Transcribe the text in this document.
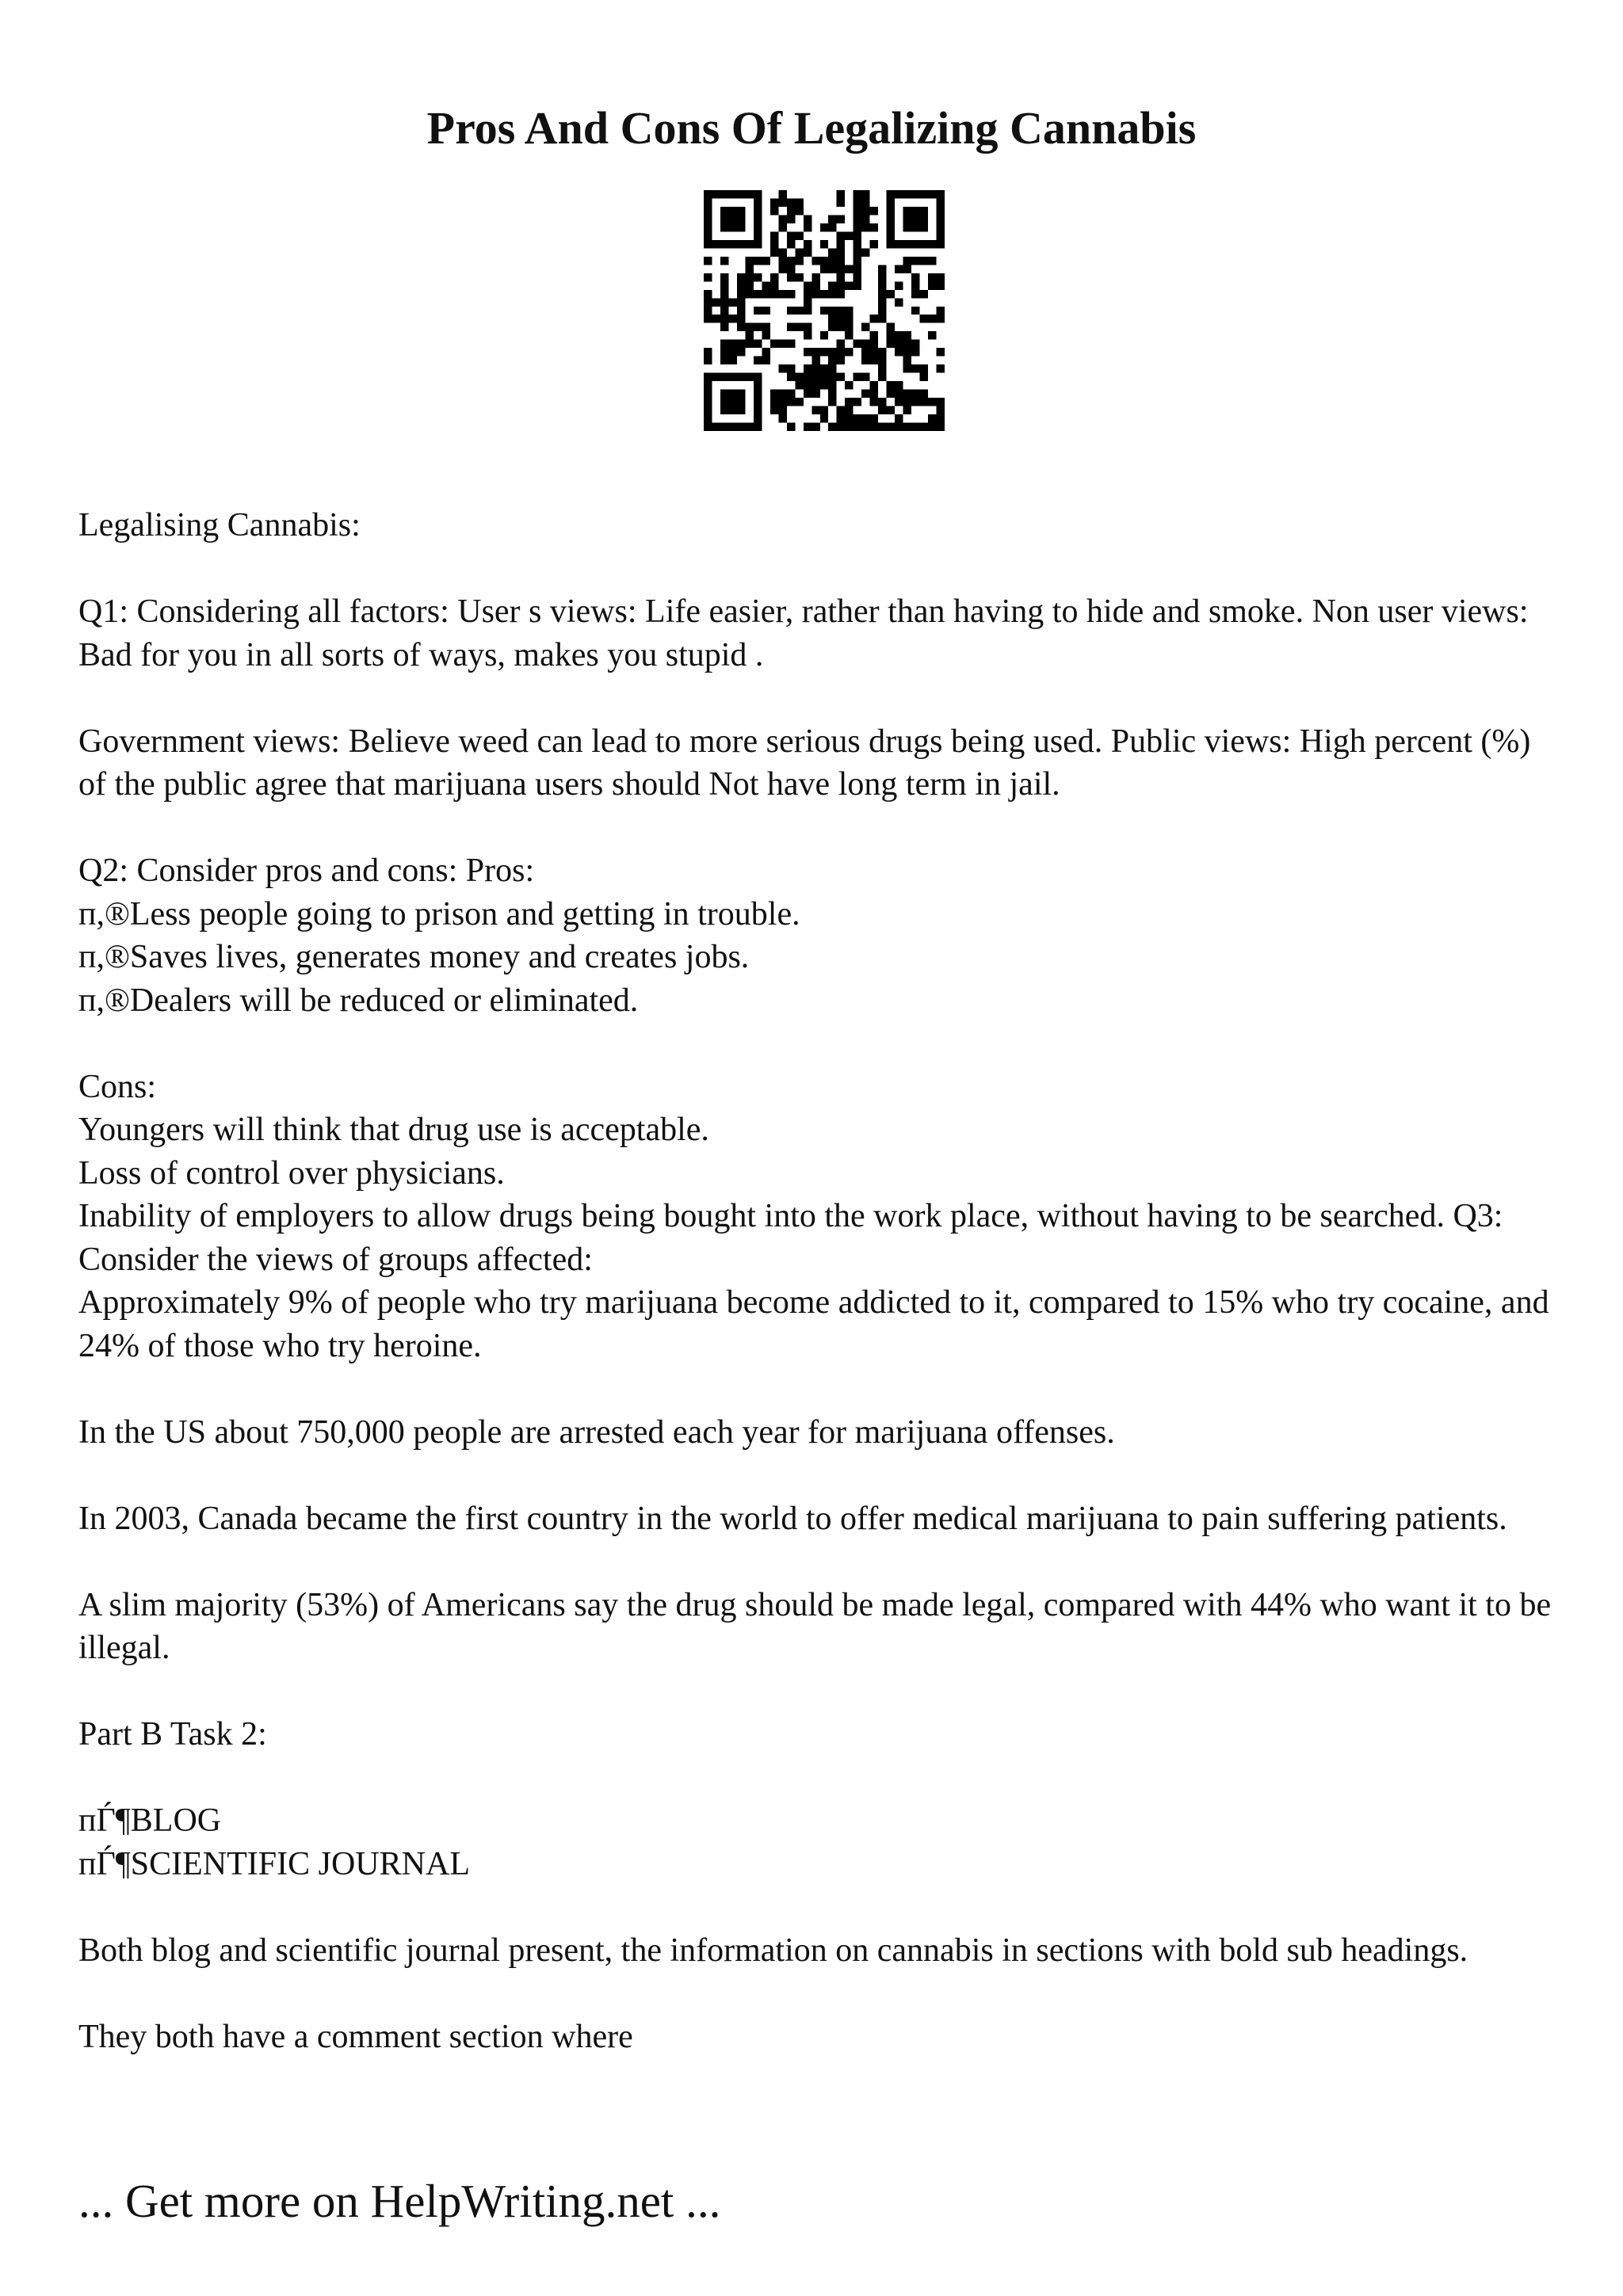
Pros And Cons Of Legalizing Cannabis

Legalising Cannabis:

Q1: Considering all factors: User s views: Life easier, rather than having to hide and smoke. Non user views: Bad for you in all sorts of ways, makes you stupid .

Government views: Believe weed can lead to more serious drugs being used. Public views: High percent (%) of the public agree that marijuana users should Not have long term in jail.

Q2: Consider pros and cons: Pros:
п,®Less people going to prison and getting in trouble.
п,®Saves lives, generates money and creates jobs.
п,®Dealers will be reduced or eliminated.

Cons:
Youngers will think that drug use is acceptable.
Loss of control over physicians.
Inability of employers to allow drugs being bought into the work place, without having to be searched. Q3: Consider the views of groups affected:
Approximately 9% of people who try marijuana become addicted to it, compared to 15% who try cocaine, and 24% of those who try heroine.

In the US about 750,000 people are arrested each year for marijuana offenses.

In 2003, Canada became the first country in the world to offer medical marijuana to pain suffering patients.

A slim majority (53%) of Americans say the drug should be made legal, compared with 44% who want it to be illegal.

Part B Task 2:

пЃ¶BLOG
пЃ¶SCIENTIFIC JOURNAL

Both blog and scientific journal present, the information on cannabis in sections with bold sub headings.

They both have a comment section where

... Get more on HelpWriting.net ...
